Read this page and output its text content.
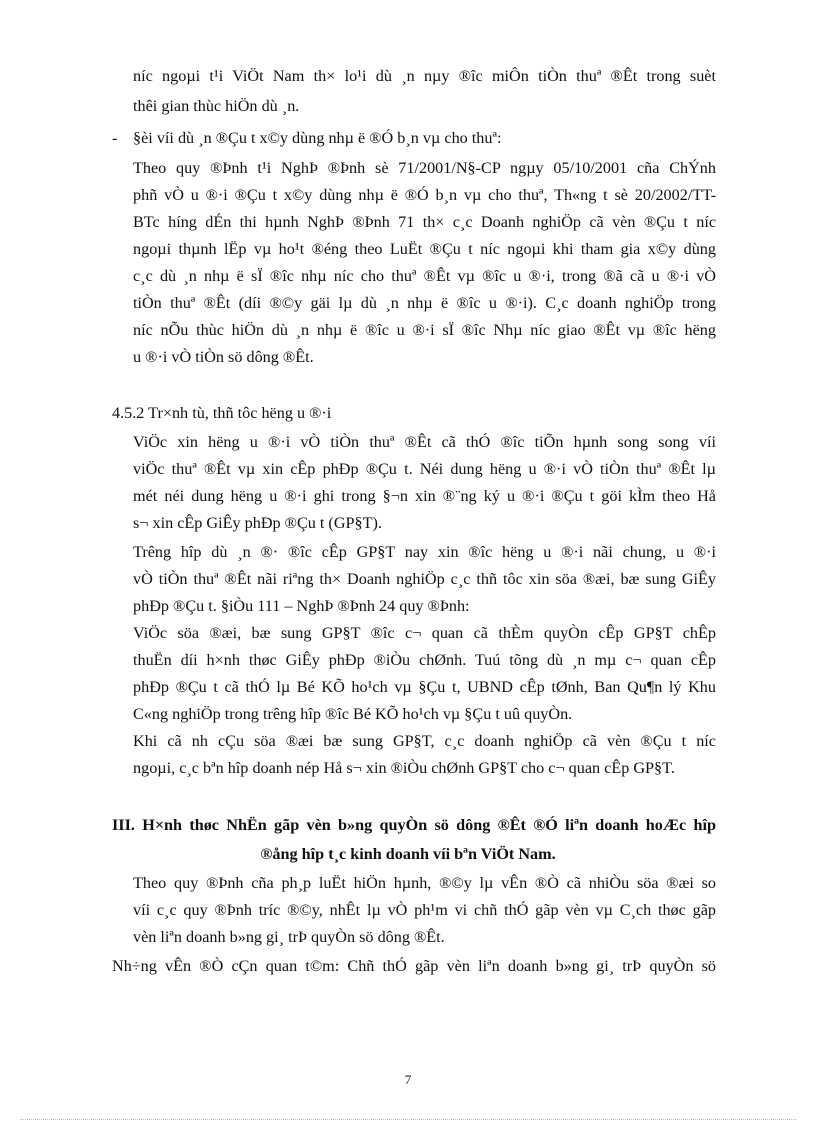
níc ngoµi t¹i ViÖt Nam th× lo¹i dù ¸n nµy ®îc miÔn tiÒn thuª ®Êt trong suèt
thêi gian thùc hiÖn dù ¸n.
- §èi víi dù ¸n ®Çu t x©y dùng nhµ ë ®Ó b¸n vµ cho thuª:
Theo quy ®Þnh t¹i NghÞ ®Þnh sè 71/2001/N§-CP ngµy 05/10/2001 cña ChÝnh
phñ vÒ u ®·i ®Çu t x©y dùng nhµ ë ®Ó b¸n vµ cho thuª, Th«ng t sè 20/2002/TT-
BTc híng dÉn thi hµnh NghÞ ®Þnh 71 th× c¸c Doanh nghiÖp cã vèn ®Çu t níc
ngoµi thµnh lËp vµ ho¹t ®éng theo LuËt ®Çu t níc ngoµi khi tham gia x©y dùng
c¸c dù ¸n nhµ ë sÏ ®îc nhµ níc cho thuª ®Êt vµ ®îc u ®·i, trong ®ã cã u ®·i vÒ
tiÒn thuª ®Êt (díi ®©y gäi lµ dù ¸n nhµ ë ®îc u ®·i). C¸c doanh nghiÖp trong
níc nÕu thùc hiÖn dù ¸n nhµ ë ®îc u ®·i sÏ ®îc Nhµ níc giao ®Êt vµ ®îc hëng
u ®·i vÒ tiÒn sö dông ®Êt.
4.5.2 Tr×nh tù, thñ tôc hëng u ®·i
ViÖc xin hëng u ®·i vÒ tiÒn thuª ®Êt cã thÓ ®îc tiÕn hµnh song song víi
viÖc thuª ®Êt vµ xin cÊp phÐp ®Çu t. Néi dung hëng u ®·i vÒ tiÒn thuª ®Êt lµ
mét néi dung hëng u ®·i ghi trong §¬n xin ®¨ng ký u ®·i ®Çu t göi kÌm theo Hå
s¬ xin cÊp GiÊy phÐp ®Çu t (GP§T).
Trêng hîp dù ¸n ®· ®îc cÊp GP§T nay xin ®îc hëng u ®·i nãi chung, u ®·i
vÒ tiÒn thuª ®Êt nãi riªng th× Doanh nghiÖp c¸c thñ tôc xin söa ®æi, bæ sung GiÊy
phÐp ®Çu t. §iÒu 111 – NghÞ ®Þnh 24 quy ®Þnh:
ViÖc söa ®æi, bæ sung GP§T ®îc c¬ quan cã thÈm quyÒn cÊp GP§T chÊp
thuËn díi h×nh thøc GiÊy phÐp ®iÒu chØnh. Tuú tõng dù ¸n mµ c¬ quan cÊp
phÐp ®Çu t cã thÓ lµ Bé KÕ ho¹ch vµ §Çu t, UBND cÊp tØnh, Ban Qu¶n lý Khu
C«ng nghiÖp trong trêng hîp ®îc Bé KÕ ho¹ch vµ §Çu t uû quyÒn.
Khi cã nh cÇu söa ®æi bæ sung GP§T, c¸c doanh nghiÖp cã vèn ®Çu t níc
ngoµi, c¸c bªn hîp doanh nép Hå s¬ xin ®iÒu chØnh GP§T cho c¬ quan cÊp GP§T.
III. H×nh thøc NhËn gãp vèn b»ng quyÒn sö dông ®Êt ®Ó liªn doanh hoÆc hîp
®ång hîp t¸c kinh doanh víi bªn ViÖt Nam.
Theo quy ®Þnh cña ph¸p luËt hiÖn hµnh, ®©y lµ vÊn ®Ò cã nhiÒu söa ®æi so
víi c¸c quy ®Þnh tríc ®©y, nhÊt lµ vÒ ph¹m vi chñ thÓ gãp vèn vµ C¸ch thøc gãp
vèn liªn doanh b»ng gi¸ trÞ quyÒn sö dông ®Êt.
Nh÷ng vÊn ®Ò cÇn quan t©m: Chñ thÓ gãp vèn liªn doanh b»ng gi¸ trÞ quyÒn sö
7
